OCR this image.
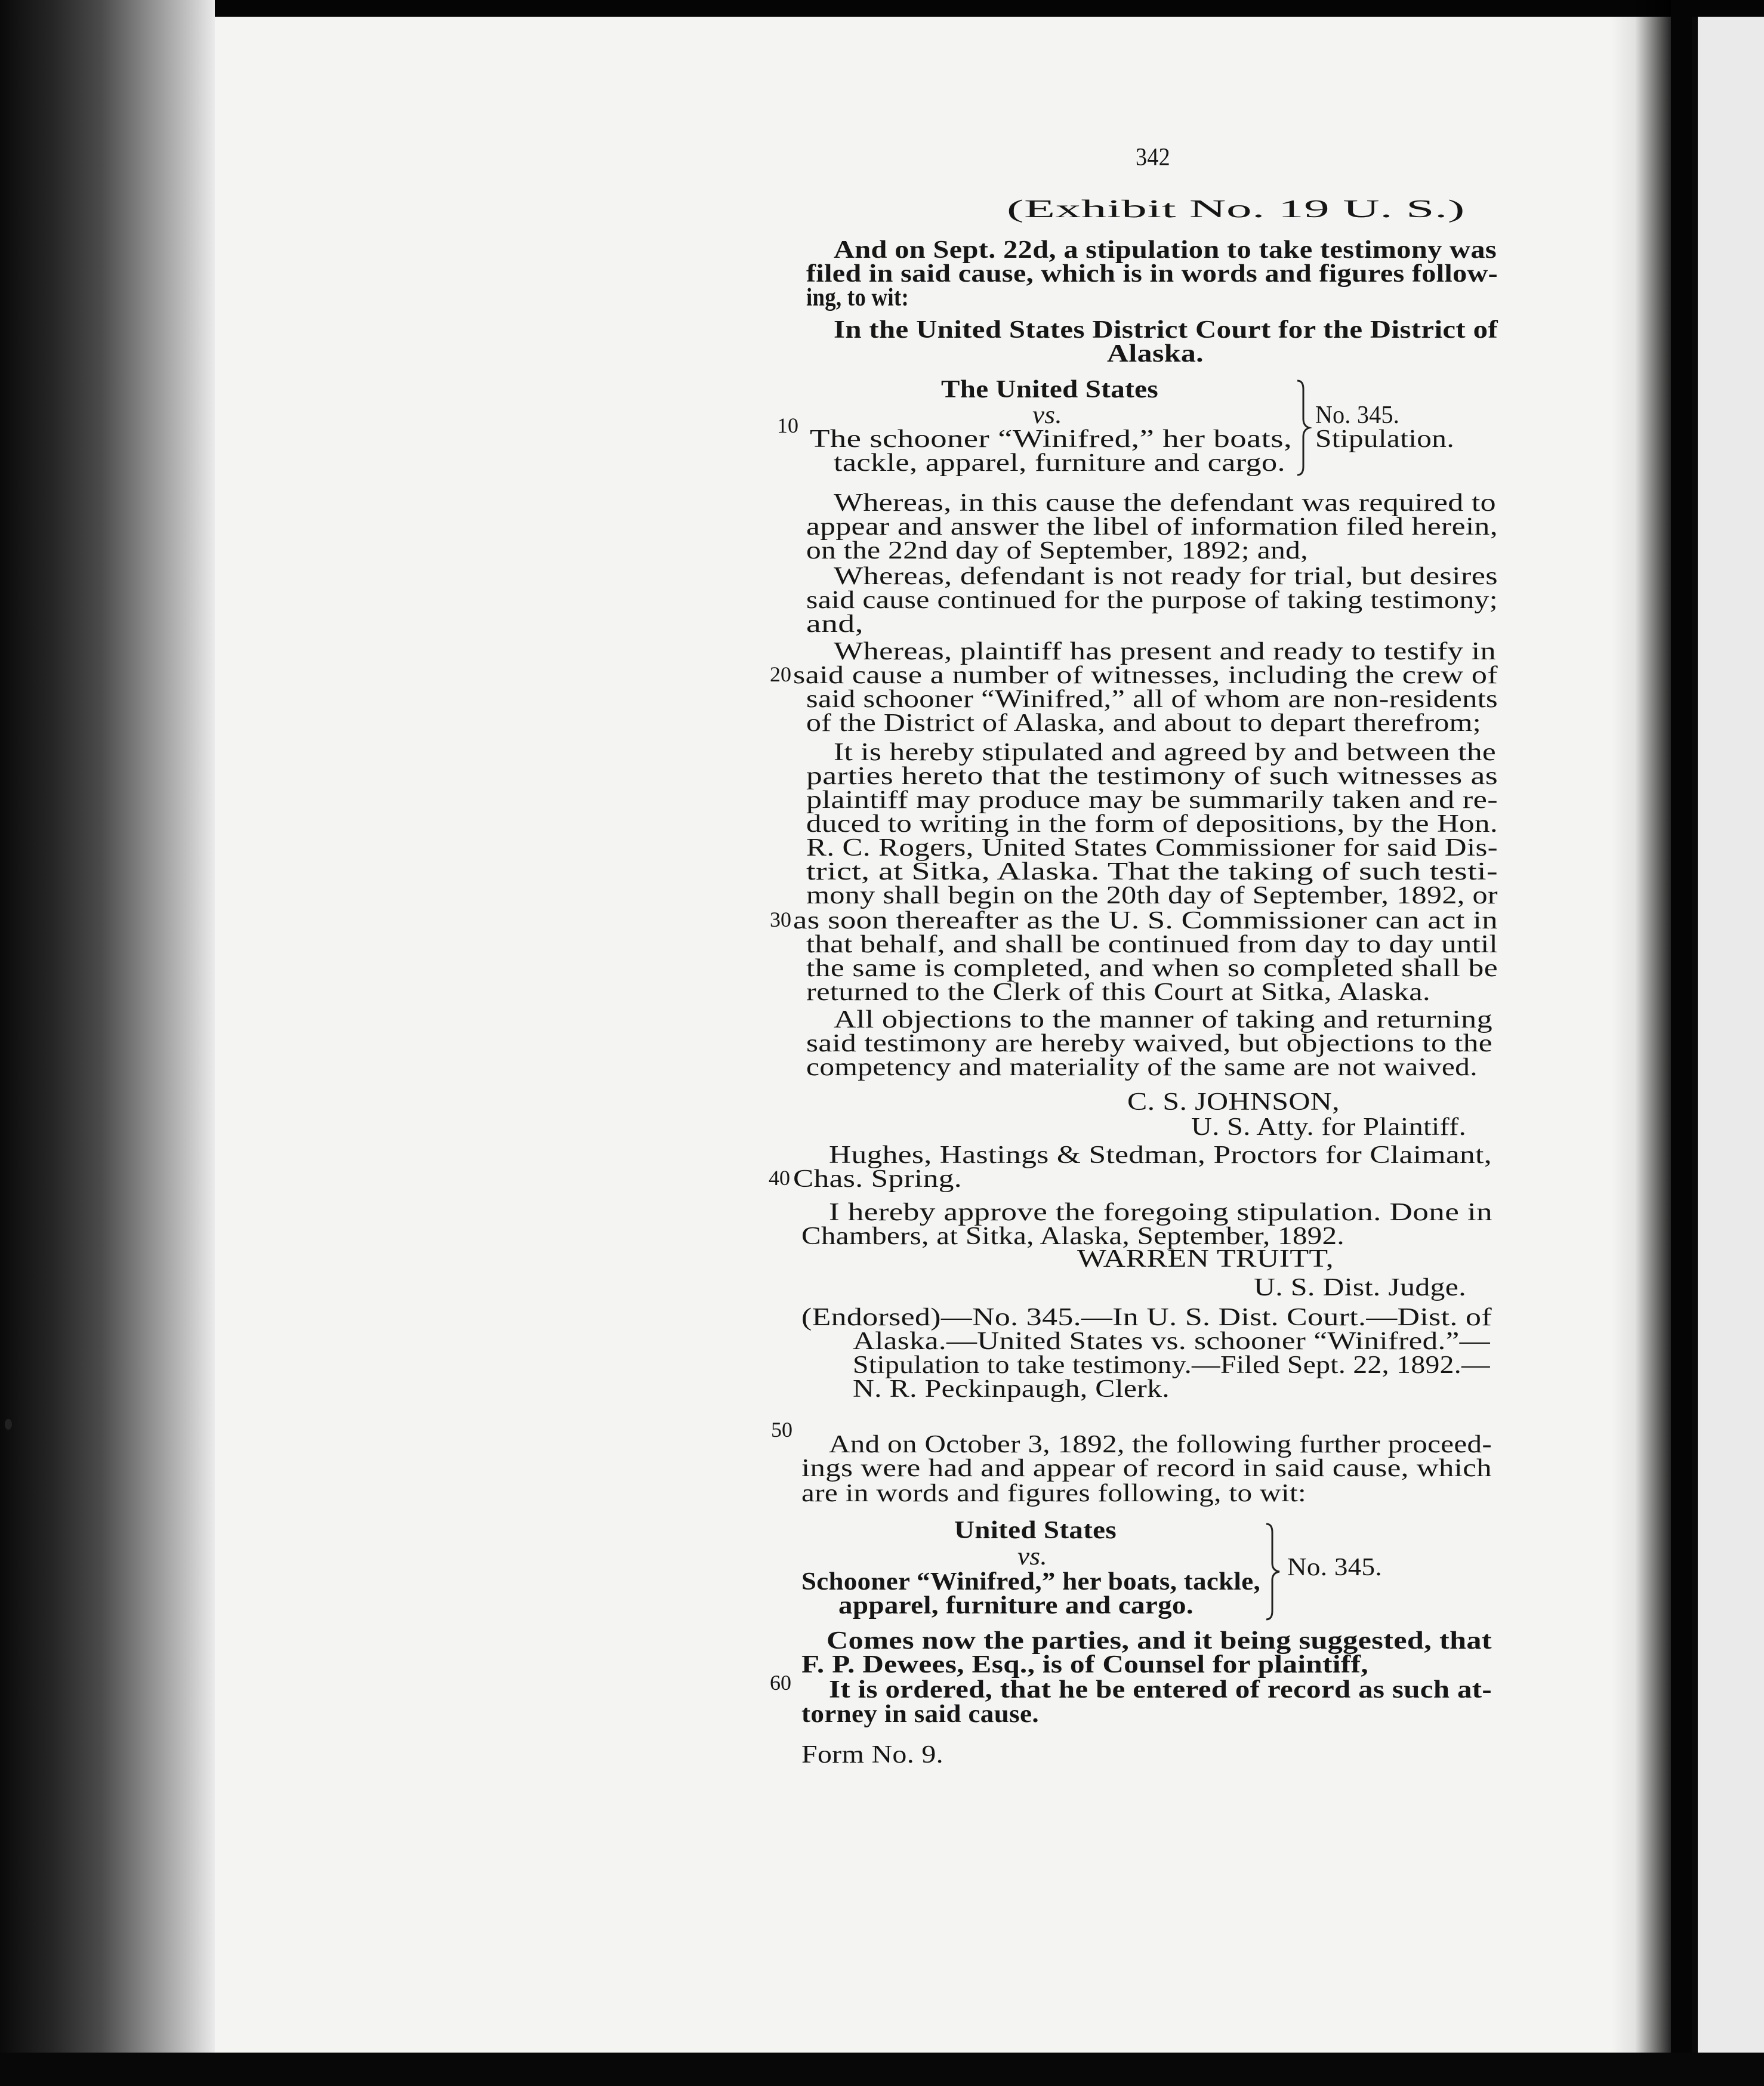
342
(Exhibit No. 19 U. S.)
And on Sept. 22d, a stipulation to take testimony was
filed in said cause, which is in words and figures follow-
ing, to wit:
In the United States District Court for the District of
Alaska.
The United States
vs.
The schooner “Winifred,” her boats,
tackle, apparel, furniture and cargo.
No. 345.
Stipulation.
Whereas, in this cause the defendant was required to
appear and answer the libel of information filed herein,
on the 22nd day of September, 1892; and,
Whereas, defendant is not ready for trial, but desires
said cause continued for the purpose of taking testimony;
and,
Whereas, plaintiff has present and ready to testify in
said cause a number of witnesses, including the crew of
said schooner “Winifred,” all of whom are non-residents
of the District of Alaska, and about to depart therefrom;
It is hereby stipulated and agreed by and between the
parties hereto that the testimony of such witnesses as
plaintiff may produce may be summarily taken and re-
duced to writing in the form of depositions, by the Hon.
R. C. Rogers, United States Commissioner for said Dis-
trict, at Sitka, Alaska. That the taking of such testi-
mony shall begin on the 20th day of September, 1892, or
as soon thereafter as the U. S. Commissioner can act in
that behalf, and shall be continued from day to day until
the same is completed, and when so completed shall be
returned to the Clerk of this Court at Sitka, Alaska.
All objections to the manner of taking and returning
said testimony are hereby waived, but objections to the
competency and materiality of the same are not waived.
C. S. JOHNSON,
U. S. Atty. for Plaintiff.
Hughes, Hastings & Stedman, Proctors for Claimant,
Chas. Spring.
I hereby approve the foregoing stipulation. Done in
Chambers, at Sitka, Alaska, September, 1892.
WARREN TRUITT,
U. S. Dist. Judge.
(Endorsed)—No. 345.—In U. S. Dist. Court.—Dist. of
Alaska.—United States vs. schooner “Winifred.”—
Stipulation to take testimony.—Filed Sept. 22, 1892.—
N. R. Peckinpaugh, Clerk.
And on October 3, 1892, the following further proceed-
ings were had and appear of record in said cause, which
are in words and figures following, to wit:
United States
vs.
Schooner “Winifred,” her boats, tackle,
apparel, furniture and cargo.
No. 345.
Comes now the parties, and it being suggested, that
F. P. Dewees, Esq., is of Counsel for plaintiff,
It is ordered, that he be entered of record as such at-
torney in said cause.
Form No. 9.
10
20
30
40
50
60
